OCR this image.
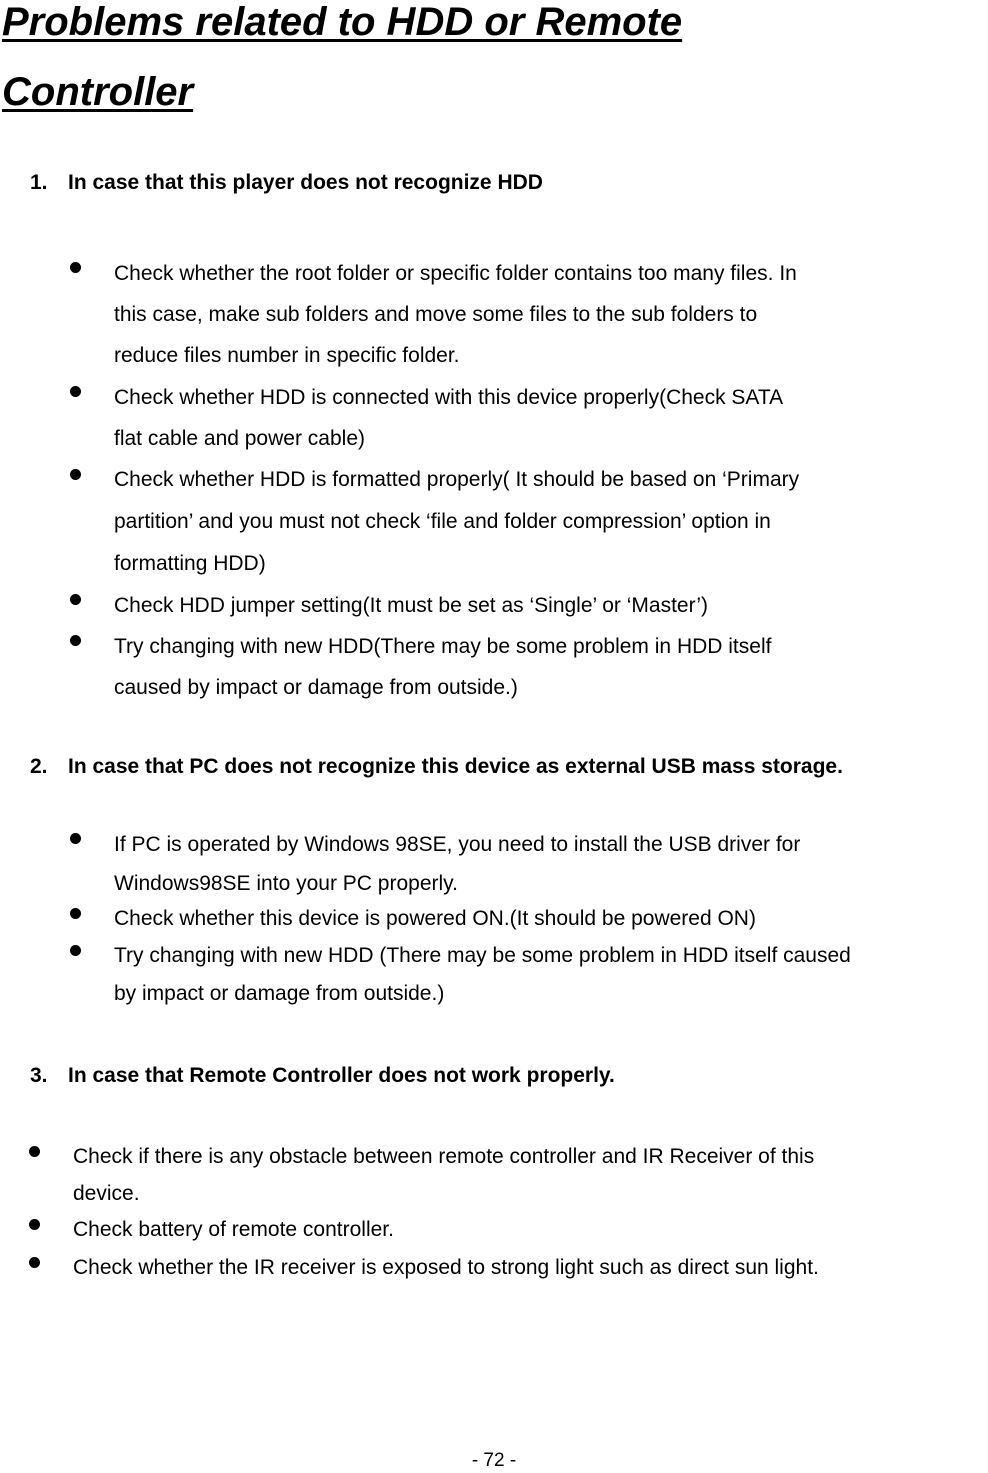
Problems related to HDD or Remote
Controller
1. In case that this player does not recognize HDD
Check whether the root folder or specific folder contains too many files. In
this case, make sub folders and move some files to the sub folders to
reduce files number in specific folder.
Check whether HDD is connected with this device properly(Check SATA
flat cable and power cable)
Check whether HDD is formatted properly( It should be based on ‘Primary
partition’ and you must not check ‘file and folder compression’ option in
formatting HDD)
Check HDD jumper setting(It must be set as ‘Single’ or ‘Master’)
Try changing with new HDD(There may be some problem in HDD itself
caused by impact or damage from outside.)
2. In case that PC does not recognize this device as external USB mass storage.
If PC is operated by Windows 98SE, you need to install the USB driver for
Windows98SE into your PC properly.
Check whether this device is powered ON.(It should be powered ON)
Try changing with new HDD (There may be some problem in HDD itself caused
by impact or damage from outside.)
3. In case that Remote Controller does not work properly.
Check if there is any obstacle between remote controller and IR Receiver of this
device.
Check battery of remote controller.
Check whether the IR receiver is exposed to strong light such as direct sun light.

- 72 -
